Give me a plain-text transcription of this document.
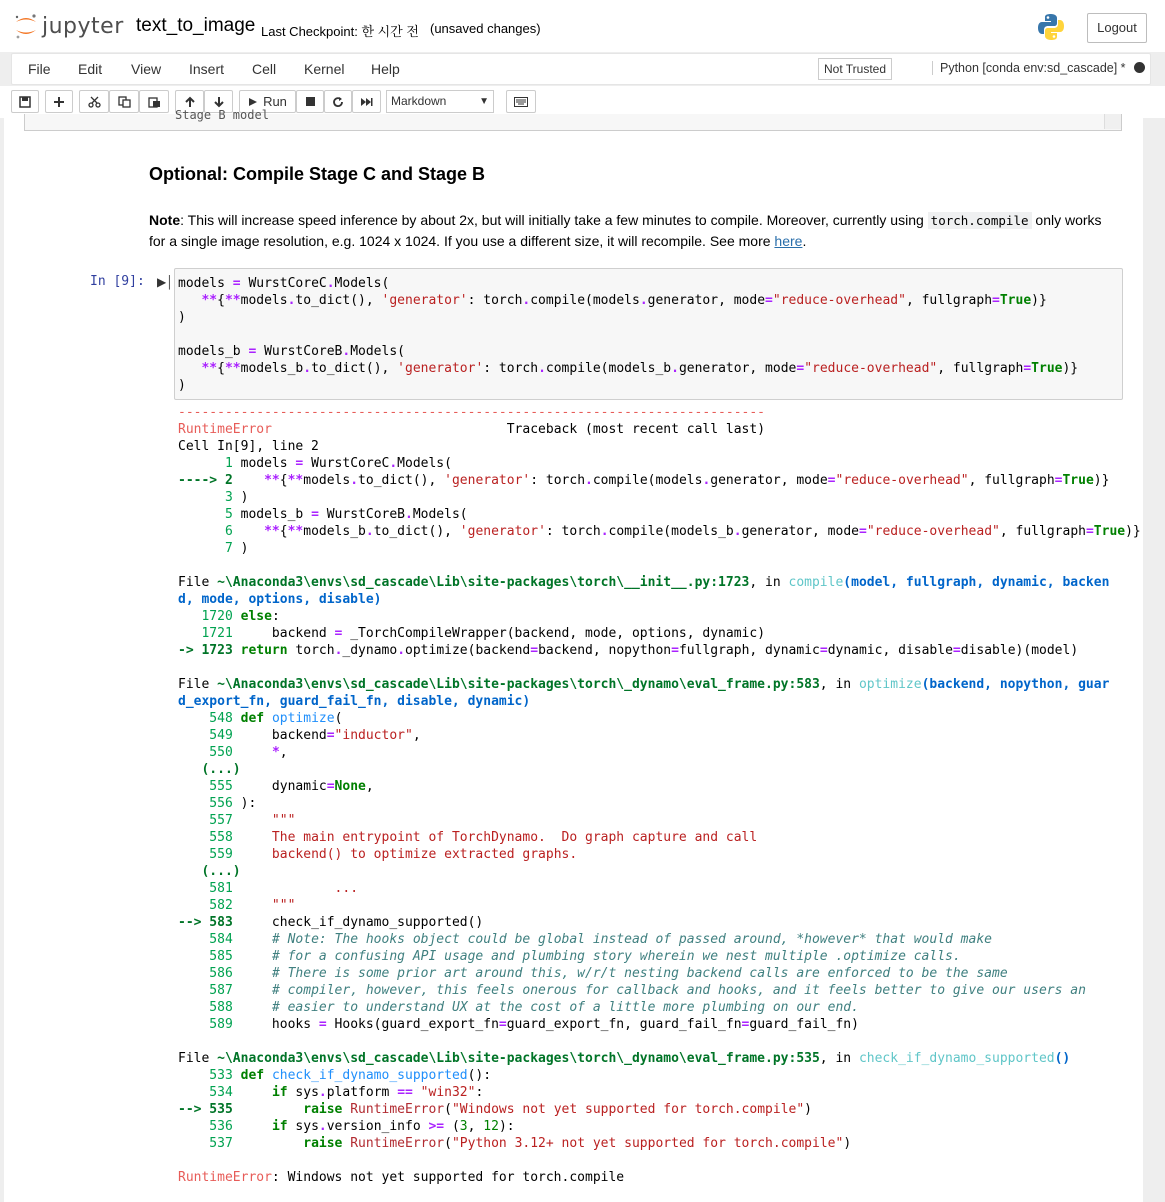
jupyter text_to_image Last Checkpoint: 한 시간 전 (unsaved changes)	Logout
File Edit View Insert Cell Kernel Help	Not Trusted	Python [conda env:sd_cascade] *
Run	Markdown	▼
Stage B model
Optional: Compile Stage C and Stage B
Note: This will increase speed inference by about 2x, but will initially take a few minutes to compile. Moreover, currently using torch.compile only works for a single image resolution, e.g. 1024 x 1024. If you use a different size, it will recompile. See more here.
In [9]: ▶│ models = WurstCoreC.Models(
**{**models.to_dict(), 'generator': torch.compile(models.generator, mode="reduce-overhead", fullgraph=True)}
)

models_b = WurstCoreB.Models(
**{**models_b.to_dict(), 'generator': torch.compile(models_b.generator, mode="reduce-overhead", fullgraph=True)}
)
---------------------------------------------------------------------------
RuntimeError	Traceback (most recent call last)
Cell In[9], line 2
1 models = WurstCoreC.Models(
----> 2 **{**models.to_dict(), 'generator': torch.compile(models.generator, mode="reduce-overhead", fullgraph=True)}
3 )
5 models_b = WurstCoreB.Models(
6 **{**models_b.to_dict(), 'generator': torch.compile(models_b.generator, mode="reduce-overhead", fullgraph=True)}
7 )

File ~\Anaconda3\envs\sd_cascade\Lib\site-packages\torch\__init__.py:1723, in compile(model, fullgraph, dynamic, backen
d, mode, options, disable)
1720 else:
1721     backend = _TorchCompileWrapper(backend, mode, options, dynamic)
-> 1723 return torch._dynamo.optimize(backend=backend, nopython=fullgraph, dynamic=dynamic, disable=disable)(model)

File ~\Anaconda3\envs\sd_cascade\Lib\site-packages\torch\_dynamo\eval_frame.py:583, in optimize(backend, nopython, guar
d_export_fn, guard_fail_fn, disable, dynamic)
548 def optimize(
549     backend="inductor",
550	*,
(...)
555     dynamic=None,
556 ):
557     """
558     The main entrypoint of TorchDynamo.  Do graph capture and call
559     backend() to optimize extracted graphs.
(...)
581             ...
582     """
--> 583	check_if_dynamo_supported()
584	# Note: The hooks object could be global instead of passed around, *however* that would make
585	# for a confusing API usage and plumbing story wherein we nest multiple .optimize calls.
586	# There is some prior art around this, w/r/t nesting backend calls are enforced to be the same
587	# compiler, however, this feels onerous for callback and hooks, and it feels better to give our users an
588	# easier to understand UX at the cost of a little more plumbing on our end.
589     hooks = Hooks(guard_export_fn=guard_export_fn, guard_fail_fn=guard_fail_fn)

File ~\Anaconda3\envs\sd_cascade\Lib\site-packages\torch\_dynamo\eval_frame.py:535, in check_if_dynamo_supported()
533 def check_if_dynamo_supported():
534	if sys.platform == "win32":
--> 535	raise RuntimeError("Windows not yet supported for torch.compile")
536	if sys.version_info >= (3, 12):
537	raise RuntimeError("Python 3.12+ not yet supported for torch.compile")

RuntimeError: Windows not yet supported for torch.compile
